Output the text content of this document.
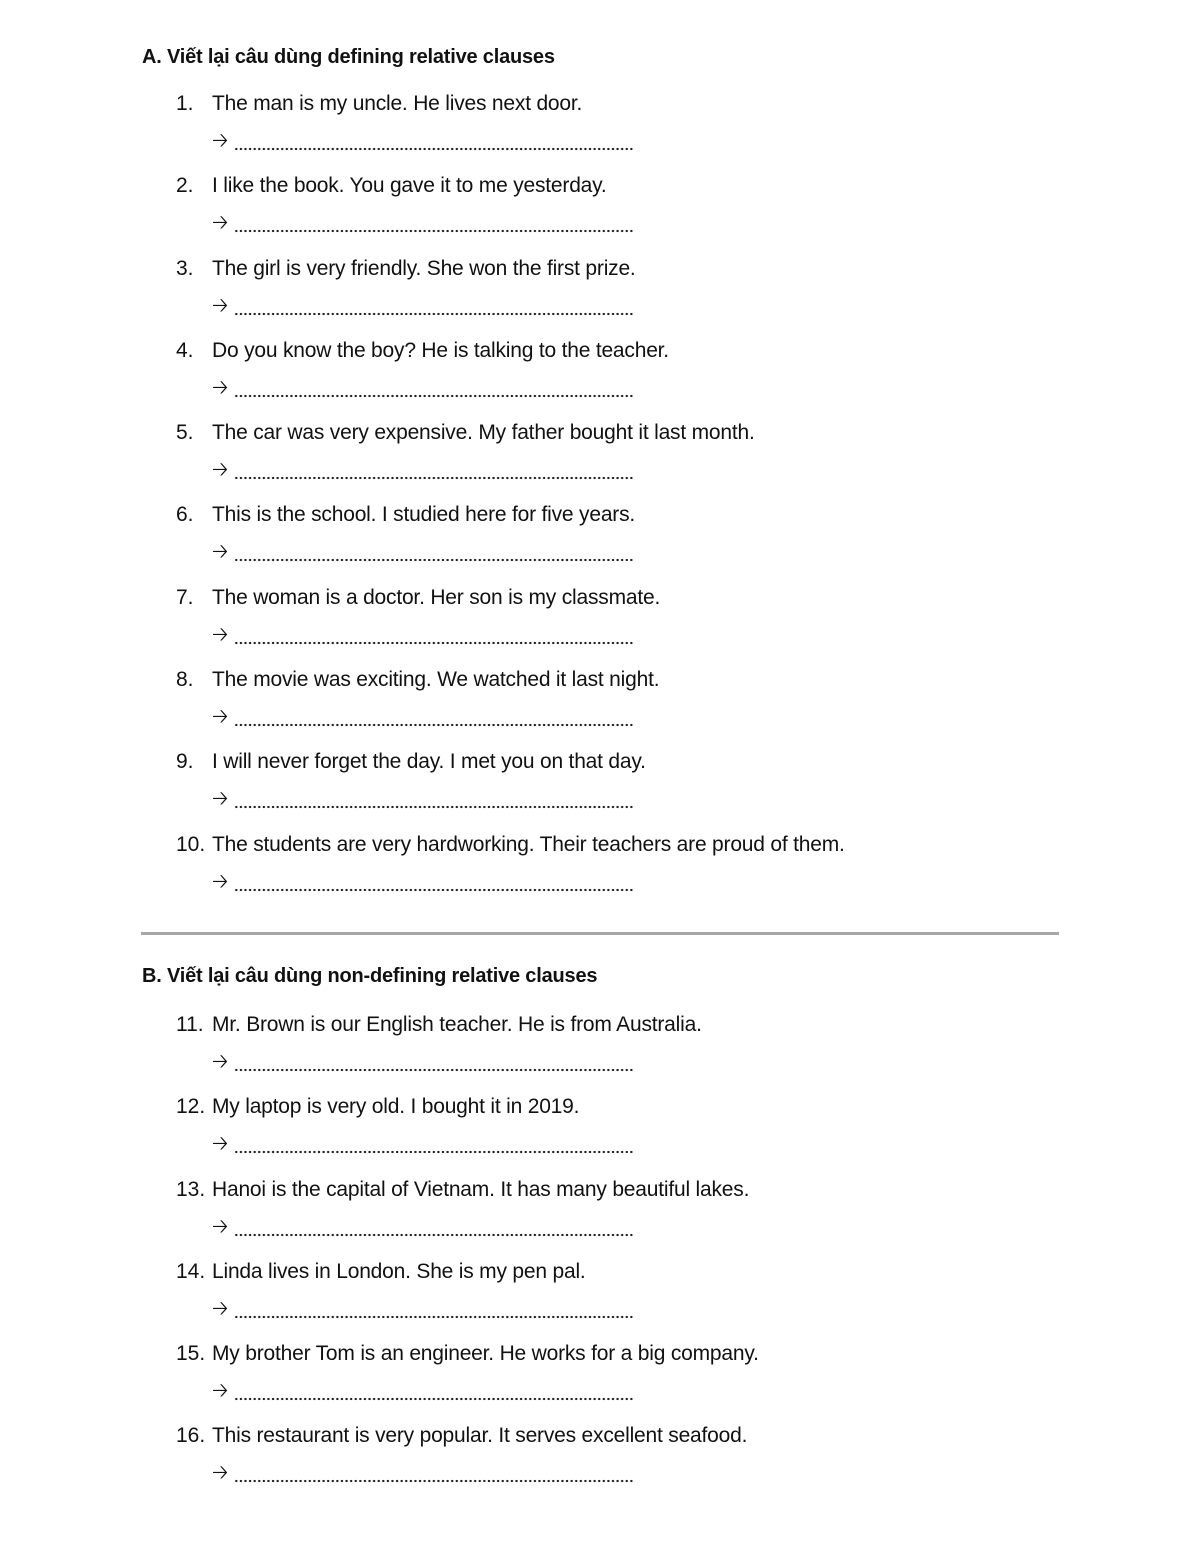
A. Viết lại câu dùng defining relative clauses
1. The man is my uncle. He lives next door.
🡢
2. I like the book. You gave it to me yesterday.
🡢
3. The girl is very friendly. She won the first prize.
🡢
4. Do you know the boy? He is talking to the teacher.
🡢
5. The car was very expensive. My father bought it last month.
🡢
6. This is the school. I studied here for five years.
🡢
7. The woman is a doctor. Her son is my classmate.
🡢
8. The movie was exciting. We watched it last night.
🡢
9. I will never forget the day. I met you on that day.
🡢
10. The students are very hardworking. Their teachers are proud of them.
🡢
B. Viết lại câu dùng non-defining relative clauses
11. Mr. Brown is our English teacher. He is from Australia.
🡢
12. My laptop is very old. I bought it in 2019.
🡢
13. Hanoi is the capital of Vietnam. It has many beautiful lakes.
🡢
14. Linda lives in London. She is my pen pal.
🡢
15. My brother Tom is an engineer. He works for a big company.
🡢
16. This restaurant is very popular. It serves excellent seafood.
🡢
